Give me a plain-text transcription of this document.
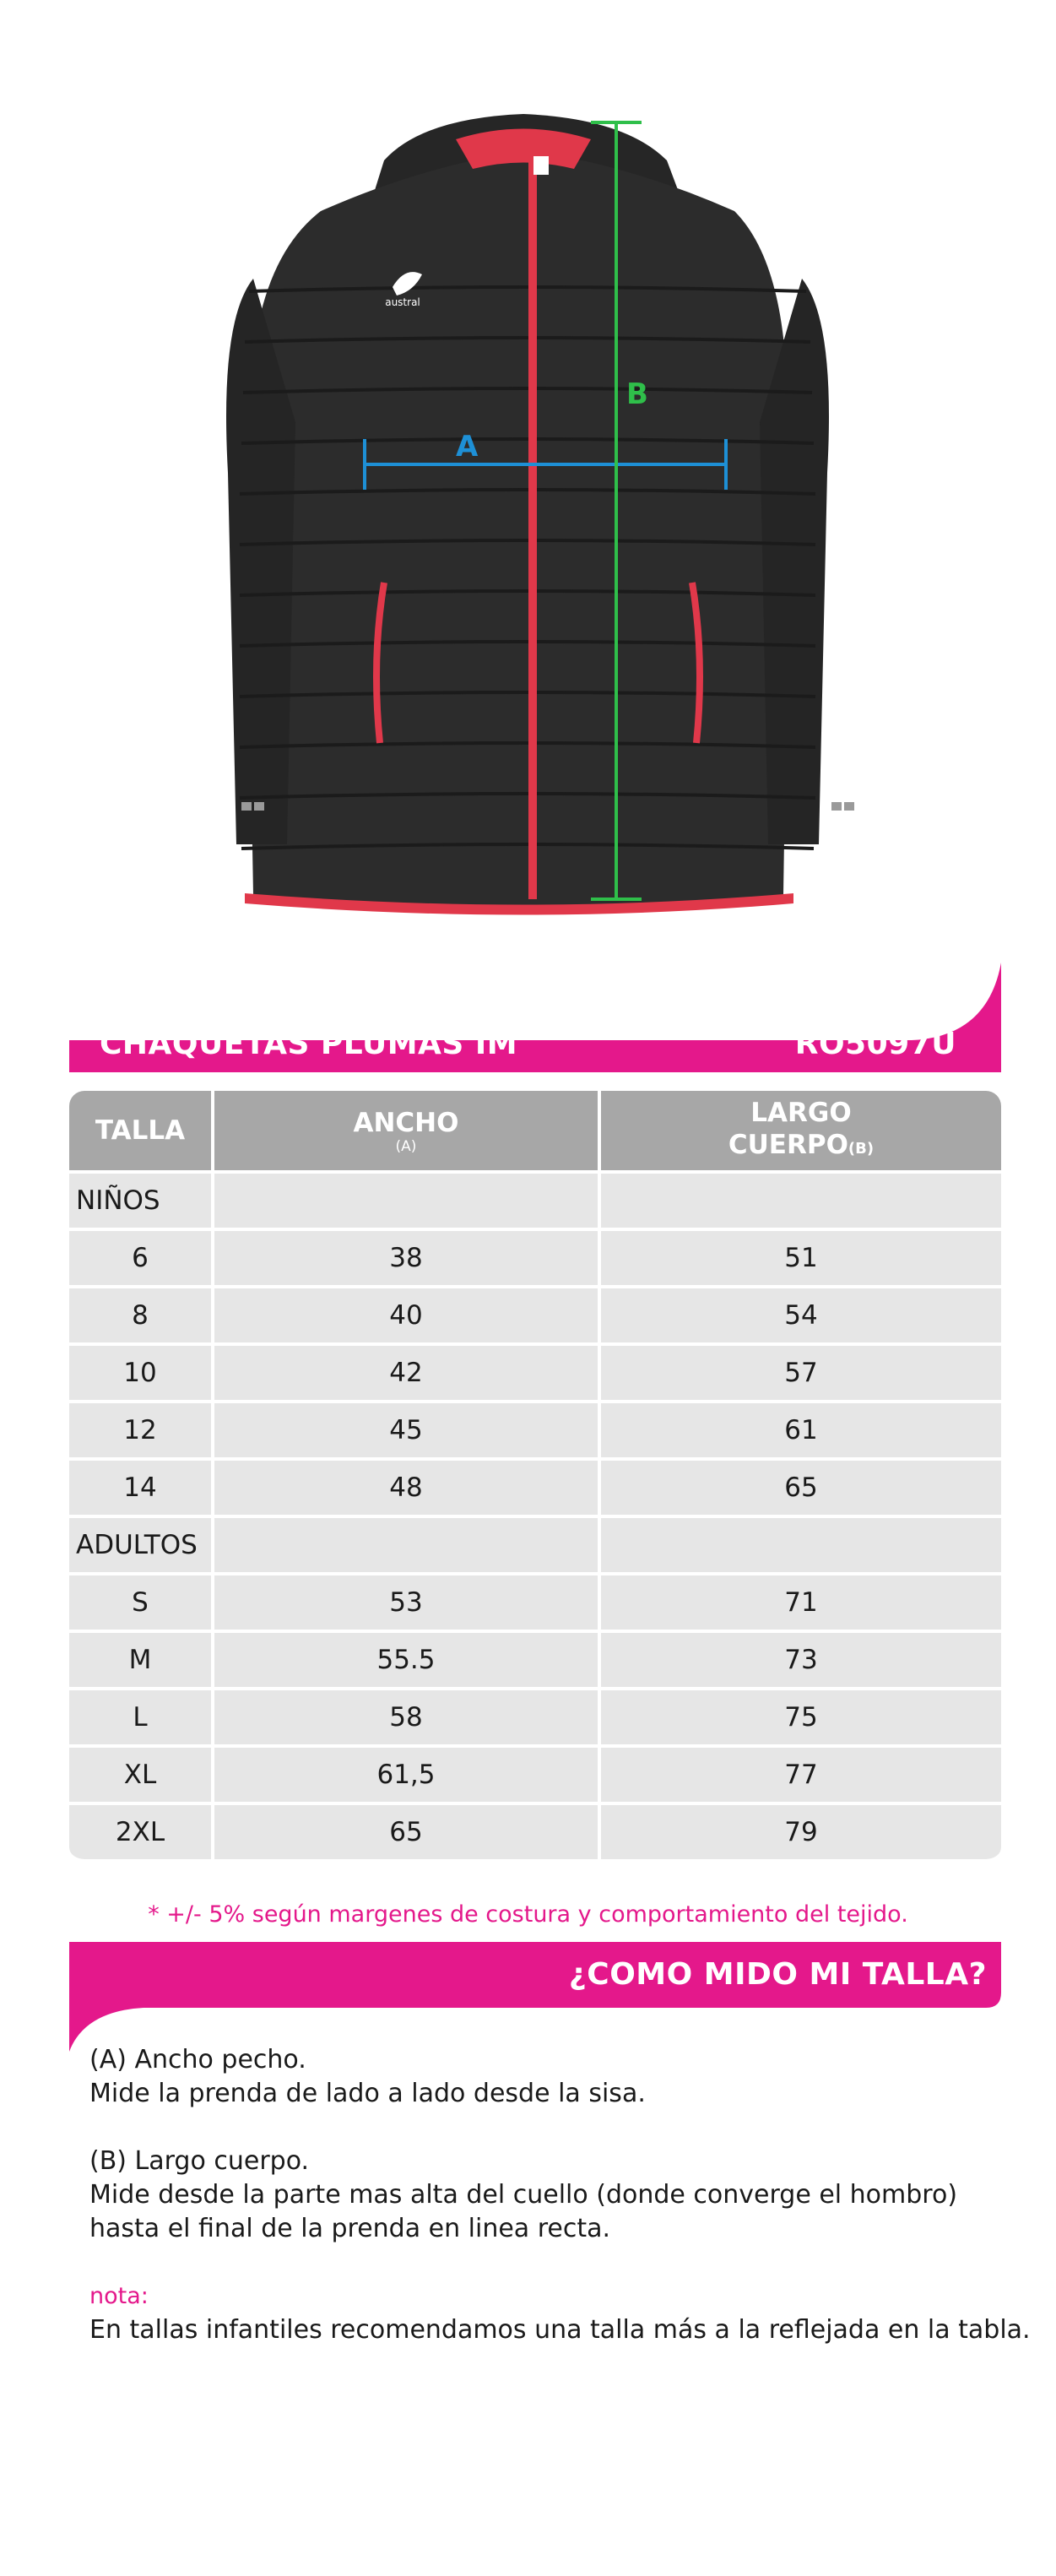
austral
A
B
CHAQUETAS PLUMAS IM	RO5097U
TALLA	ANCHO
(A)
LARGO
CUERPO(B)
NIÑOS
6	38	51
8	40	54
10	42	57
12	45	61
14	48	65
ADULTOS
S	53	71
M	55.5	73
L	58	75
XL	61,5	77
2XL	65	79
* +/- 5% según margenes de costura y comportamiento del tejido.
¿COMO MIDO MI TALLA?

(A) Ancho pecho.

Mide la prenda de lado a lado desde la sisa.

(B) Largo cuerpo.

Mide desde la parte mas alta del cuello (donde converge el hombro)

hasta el final de la prenda en linea recta.

nota:

En tallas infantiles recomendamos una talla más a la reflejada en la tabla.
